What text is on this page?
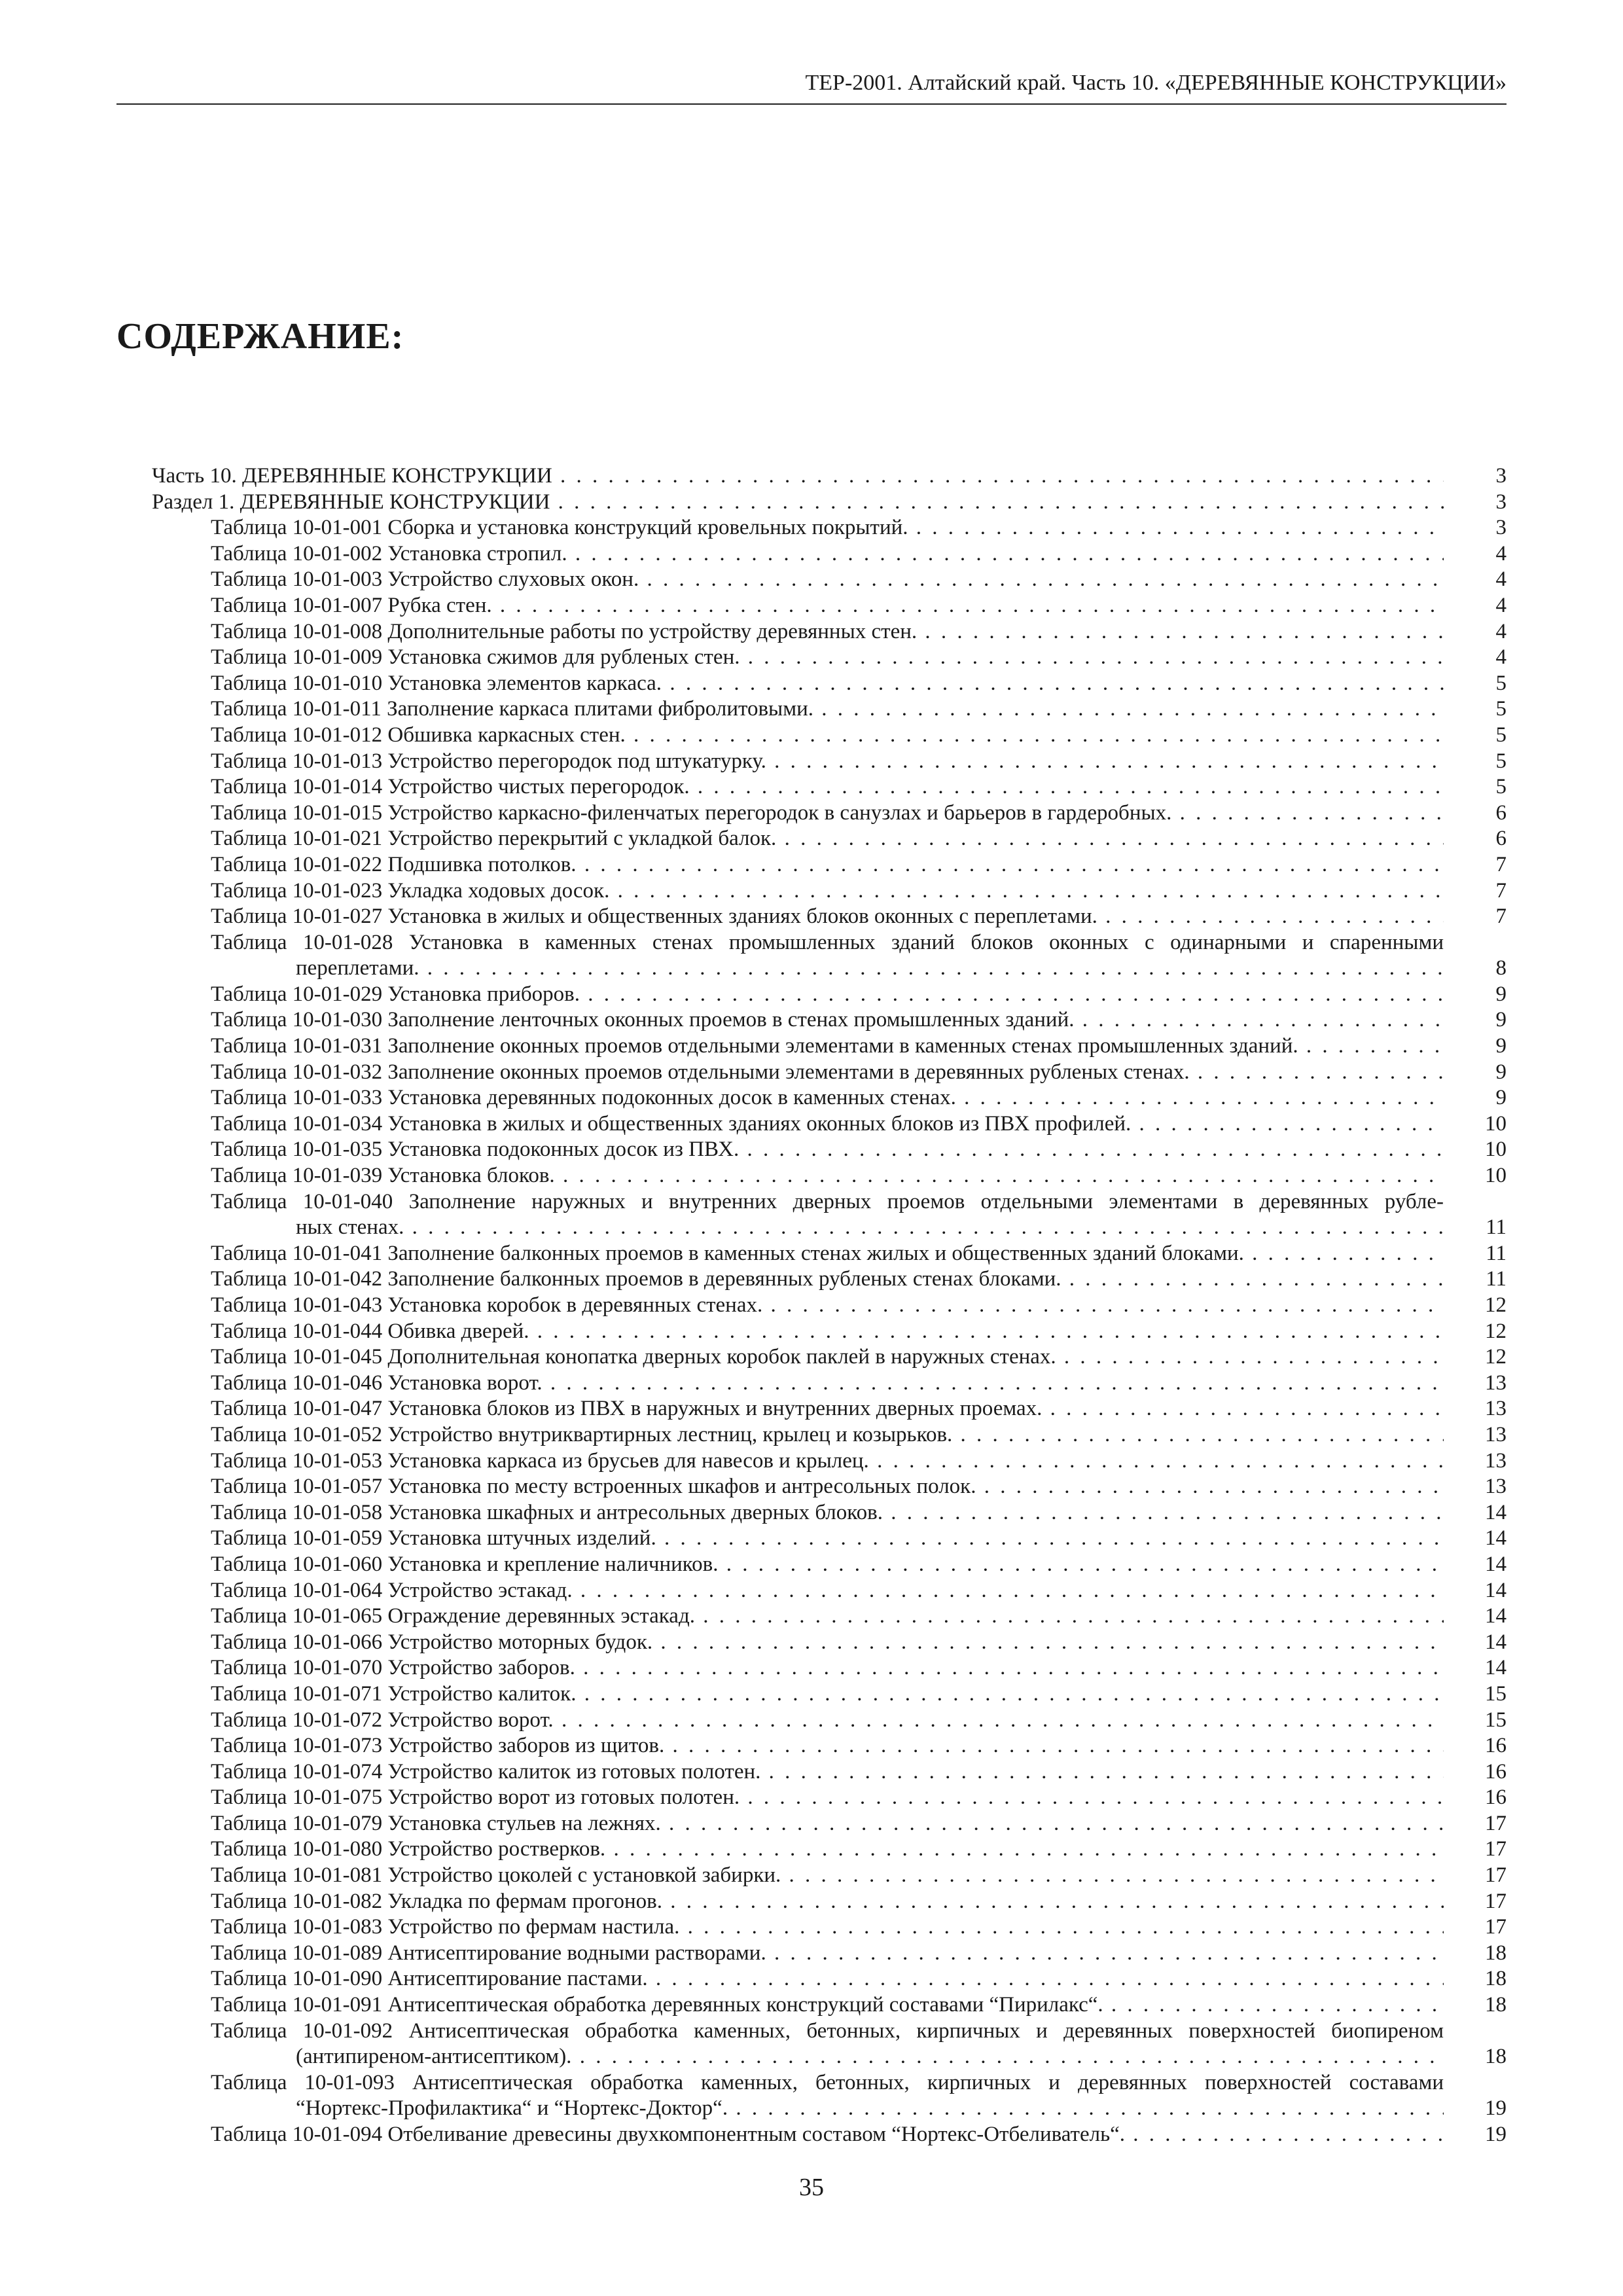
ТЕР-2001. Алтайский край. Часть 10. «ДЕРЕВЯННЫЕ КОНСТРУКЦИИ»
СОДЕРЖАНИЕ:
Часть 10. ДЕРЕВЯННЫЕ КОНСТРУКЦИИ . . .	3
Раздел 1. ДЕРЕВЯННЫЕ КОНСТРУКЦИИ . . .	3
Таблица 10-01-001 Сборка и установка конструкций кровельных покрытий. . . .	3
Таблица 10-01-002 Установка стропил. . . .	4
Таблица 10-01-003 Устройство слуховых окон. . . .	4
Таблица 10-01-007 Рубка стен. . . .	4
Таблица 10-01-008 Дополнительные работы по устройству деревянных стен. . . .	4
Таблица 10-01-009 Установка сжимов для рубленых стен. . . .	4
Таблица 10-01-010 Установка элементов каркаса. . . .	5
Таблица 10-01-011 Заполнение каркаса плитами фибролитовыми. . . .	5
Таблица 10-01-012 Обшивка каркасных стен. . . .	5
Таблица 10-01-013 Устройство перегородок под штукатурку. . . .	5
Таблица 10-01-014 Устройство чистых перегородок. . . .	5
Таблица 10-01-015 Устройство каркасно-филенчатых перегородок в санузлах и барьеров в гардеробных. . . .	6
Таблица 10-01-021 Устройство перекрытий с укладкой балок. . . .	6
Таблица 10-01-022 Подшивка потолков. . . .	7
Таблица 10-01-023 Укладка ходовых досок. . . .	7
Таблица 10-01-027 Установка в жилых и общественных зданиях блоков оконных с переплетами. . . .	7
Таблица 10-01-028 Установка в каменных стенах промышленных зданий блоков оконных с одинарными и спаренными
переплетами. . . .	8
Таблица 10-01-029 Установка приборов. . . .	9
Таблица 10-01-030 Заполнение ленточных оконных проемов в стенах промышленных зданий. . . .	9
Таблица 10-01-031 Заполнение оконных проемов отдельными элементами в каменных стенах промышленных зданий. . . .	9
Таблица 10-01-032 Заполнение оконных проемов отдельными элементами в деревянных рубленых стенах. . . .	9
Таблица 10-01-033 Установка деревянных подоконных досок в каменных стенах. . . .	9
Таблица 10-01-034 Установка в жилых и общественных зданиях оконных блоков из ПВХ профилей. . . .	10
Таблица 10-01-035 Установка подоконных досок из ПВХ. . . .	10
Таблица 10-01-039 Установка блоков. . . .	10
Таблица 10-01-040 Заполнение наружных и внутренних дверных проемов отдельными элементами в деревянных рубле-
ных стенах. . . .	11
Таблица 10-01-041 Заполнение балконных проемов в каменных стенах жилых и общественных зданий блоками. . . .	11
Таблица 10-01-042 Заполнение балконных проемов в деревянных рубленых стенах блоками. . . .	11
Таблица 10-01-043 Установка коробок в деревянных стенах. . . .	12
Таблица 10-01-044 Обивка дверей. . . .	12
Таблица 10-01-045 Дополнительная конопатка дверных коробок паклей в наружных стенах. . . .	12
Таблица 10-01-046 Установка ворот. . . .	13
Таблица 10-01-047 Установка блоков из ПВХ в наружных и внутренних дверных проемах. . . .	13
Таблица 10-01-052 Устройство внутриквартирных лестниц, крылец и козырьков. . . .	13
Таблица 10-01-053 Установка каркаса из брусьев для навесов и крылец. . . .	13
Таблица 10-01-057 Установка по месту встроенных шкафов и антресольных полок. . . .	13
Таблица 10-01-058 Установка шкафных и антресольных дверных блоков. . . .	14
Таблица 10-01-059 Установка штучных изделий. . . .	14
Таблица 10-01-060 Установка и крепление наличников. . . .	14
Таблица 10-01-064 Устройство эстакад. . . .	14
Таблица 10-01-065 Ограждение деревянных эстакад. . . .	14
Таблица 10-01-066 Устройство моторных будок. . . .	14
Таблица 10-01-070 Устройство заборов. . . .	14
Таблица 10-01-071 Устройство калиток. . . .	15
Таблица 10-01-072 Устройство ворот. . . .	15
Таблица 10-01-073 Устройство заборов из щитов. . . .	16
Таблица 10-01-074 Устройство калиток из готовых полотен. . . .	16
Таблица 10-01-075 Устройство ворот из готовых полотен. . . .	16
Таблица 10-01-079 Установка стульев на лежнях. . . .	17
Таблица 10-01-080 Устройство ростверков. . . .	17
Таблица 10-01-081 Устройство цоколей с установкой забирки. . . .	17
Таблица 10-01-082 Укладка по фермам прогонов. . . .	17
Таблица 10-01-083 Устройство по фермам настила. . . .	17
Таблица 10-01-089 Антисептирование водными растворами. . . .	18
Таблица 10-01-090 Антисептирование пастами. . . .	18
Таблица 10-01-091 Антисептическая обработка деревянных конструкций составами “Пирилакс“. . . .	18
Таблица 10-01-092 Антисептическая обработка каменных, бетонных, кирпичных и деревянных поверхностей биопиреном
(антипиреном-антисептиком). . . .	18
Таблица 10-01-093 Антисептическая обработка каменных, бетонных, кирпичных и деревянных поверхностей составами
“Нортекс-Профилактика“ и “Нортекс-Доктор“. . . .	19
Таблица 10-01-094 Отбеливание древесины двухкомпонентным составом “Нортекс-Отбеливатель“. . . .	19
35
